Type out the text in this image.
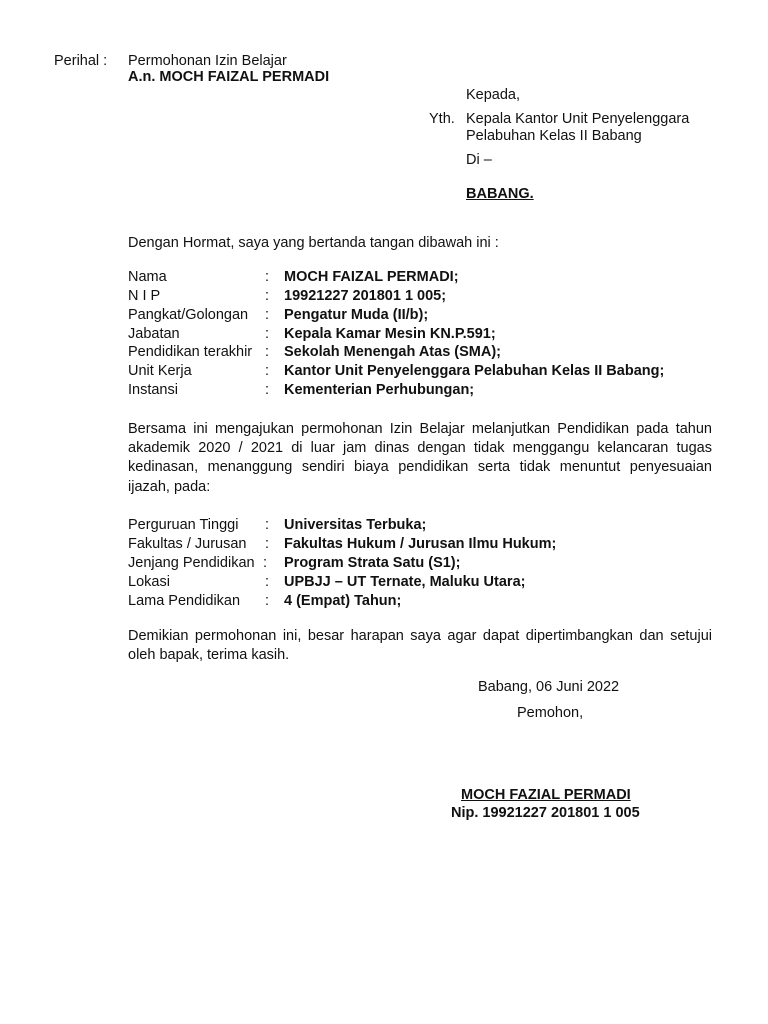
Perihal : Permohonan Izin Belajar
A.n. MOCH FAIZAL PERMADI
Kepada,
Yth. Kepala Kantor Unit Penyelenggara
Pelabuhan Kelas II Babang
Di –
BABANG.
Dengan Hormat, saya yang bertanda tangan dibawah ini :
Nama	: MOCH FAIZAL PERMADI;
N I P	: 19921227 201801 1 005;
Pangkat/Golongan : Pengatur Muda (II/b);
Jabatan	: Kepala Kamar Mesin KN.P.591;
Pendidikan terakhir : Sekolah Menengah Atas (SMA);
Unit Kerja	: Kantor Unit Penyelenggara Pelabuhan Kelas II Babang;
Instansi	: Kementerian Perhubungan;
Bersama ini mengajukan permohonan Izin Belajar melanjutkan Pendidikan pada tahun akademik 2020 / 2021 di luar jam dinas dengan tidak menggangu kelancaran tugas kedinasan, menanggung sendiri biaya pendidikan serta tidak menuntut penyesuaian ijazah, pada:
Perguruan Tinggi : Universitas Terbuka;
Fakultas / Jurusan : Fakultas Hukum / Jurusan Ilmu Hukum;
Jenjang Pendidikan : Program Strata Satu (S1);
Lokasi	: UPBJJ – UT Ternate, Maluku Utara;
Lama Pendidikan : 4 (Empat) Tahun;
Demikian permohonan ini, besar harapan saya agar dapat dipertimbangkan dan setujui oleh bapak, terima kasih.
Babang, 06 Juni 2022
Pemohon,
MOCH FAZIAL PERMADI
Nip. 19921227 201801 1 005
